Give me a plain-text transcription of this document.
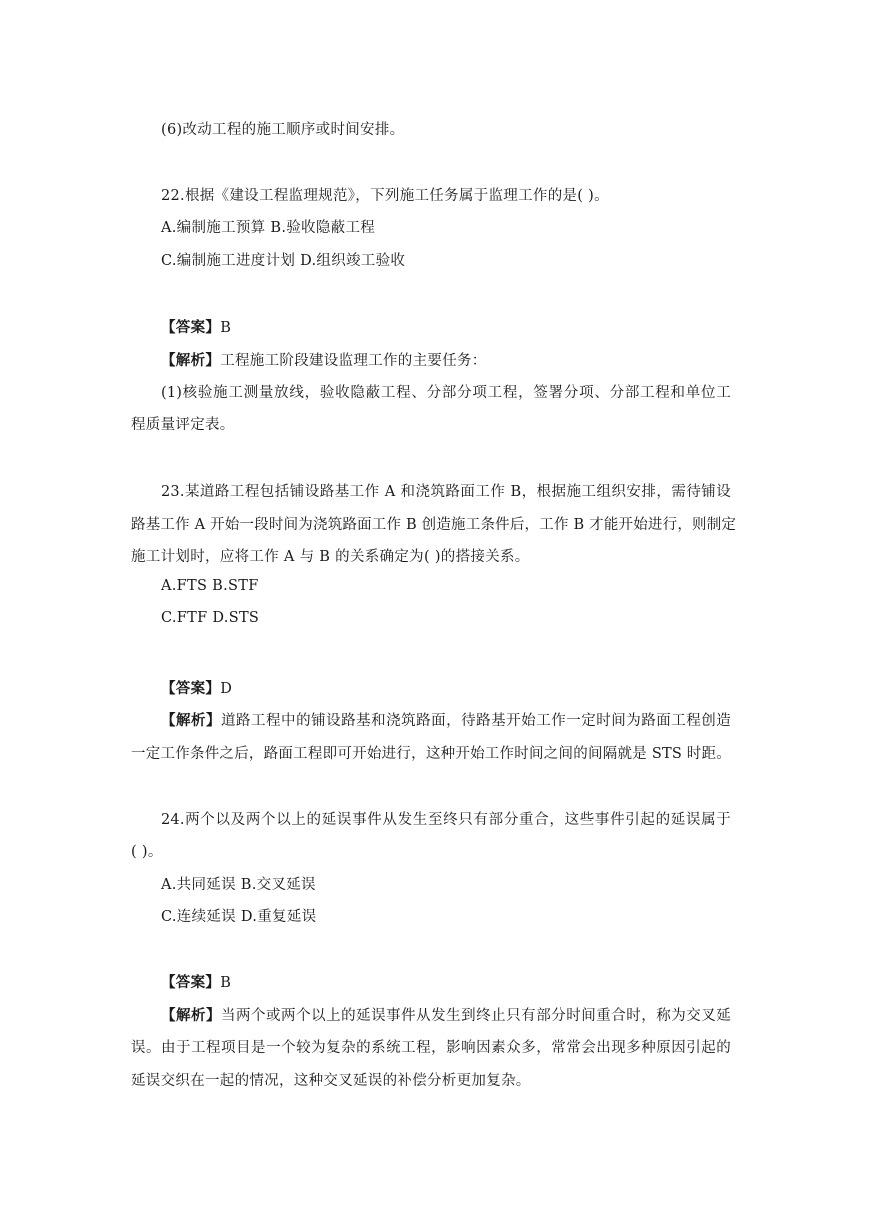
(6)改动工程的施工顺序或时间安排。
22.根据《建设工程监理规范》，下列施工任务属于监理工作的是( )。
A.编制施工预算 B.验收隐蔽工程
C.编制施工进度计划 D.组织竣工验收
【答案】B
【解析】工程施工阶段建设监理工作的主要任务：
(1)核验施工测量放线，验收隐蔽工程、分部分项工程，签署分项、分部工程和单位工
程质量评定表。
23.某道路工程包括铺设路基工作 A 和浇筑路面工作 B，根据施工组织安排，需待铺设
路基工作 A 开始一段时间为浇筑路面工作 B 创造施工条件后，工作 B 才能开始进行，则制定
施工计划时，应将工作 A 与 B 的关系确定为( )的搭接关系。
A.FTS B.STF
C.FTF D.STS
【答案】D
【解析】道路工程中的铺设路基和浇筑路面，待路基开始工作一定时间为路面工程创造
一定工作条件之后，路面工程即可开始进行，这种开始工作时间之间的间隔就是 STS 时距。
24.两个以及两个以上的延误事件从发生至终只有部分重合，这些事件引起的延误属于
( )。
A.共同延误 B.交叉延误
C.连续延误 D.重复延误
【答案】B
【解析】当两个或两个以上的延误事件从发生到终止只有部分时间重合时，称为交叉延
误。由于工程项目是一个较为复杂的系统工程，影响因素众多，常常会出现多种原因引起的
延误交织在一起的情况，这种交叉延误的补偿分析更加复杂。
